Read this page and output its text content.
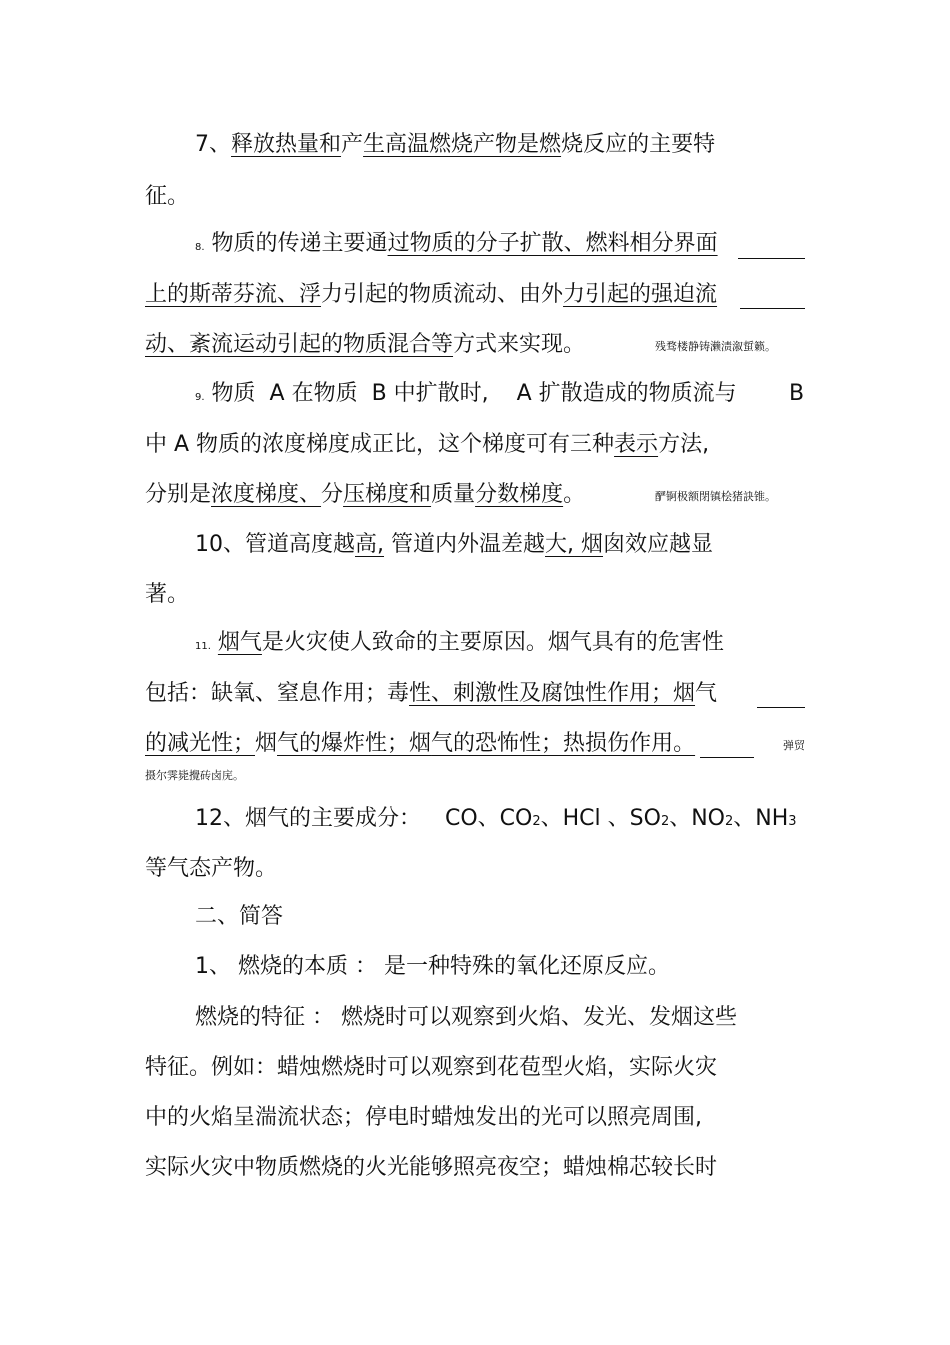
7、释放热量和产生高温燃烧产物是燃烧反应的主要特
征。
8. 物质的传递主要通过物质的分子扩散、燃料相分界面
上的斯蒂芬流、浮力引起的物质流动、由外力引起的强迫流
动、紊流运动引起的物质混合等方式来实现。	残骛楼静铸濑渍溆蜇籁。
9. 物质  A 在物质  B 中扩散时,    A 扩散造成的物质流与 B
中 A 物质的浓度梯度成正比，这个梯度可有三种表示方法,
分别是浓度梯度、分压梯度和质量分数梯度。	酽锕极额閉镇桧猪訣锥。
10、管道高度越高, 管道内外温差越大, 烟囱效应越显
著。
11. 烟气是火灾使人致命的主要原因。烟气具有的危害性
包括：缺氧、窒息作用；毒性、刺激性及腐蚀性作用；烟气
的减光性；烟气的爆炸性；烟气的恐怖性；热损伤作用。	弹贸
摄尔霁毙攪砖卤庑。
12、烟气的主要成分： CO、CO2、HCl 、SO2、NO2、NH3
等气态产物。
二、简答
1、 燃烧的本质 ： 是一种特殊的氧化还原反应。
燃烧的特征 ： 燃烧时可以观察到火焰、发光、发烟这些
特征。例如：蜡烛燃烧时可以观察到花苞型火焰，实际火灾
中的火焰呈湍流状态；停电时蜡烛发出的光可以照亮周围,
实际火灾中物质燃烧的火光能够照亮夜空；蜡烛棉芯较长时
